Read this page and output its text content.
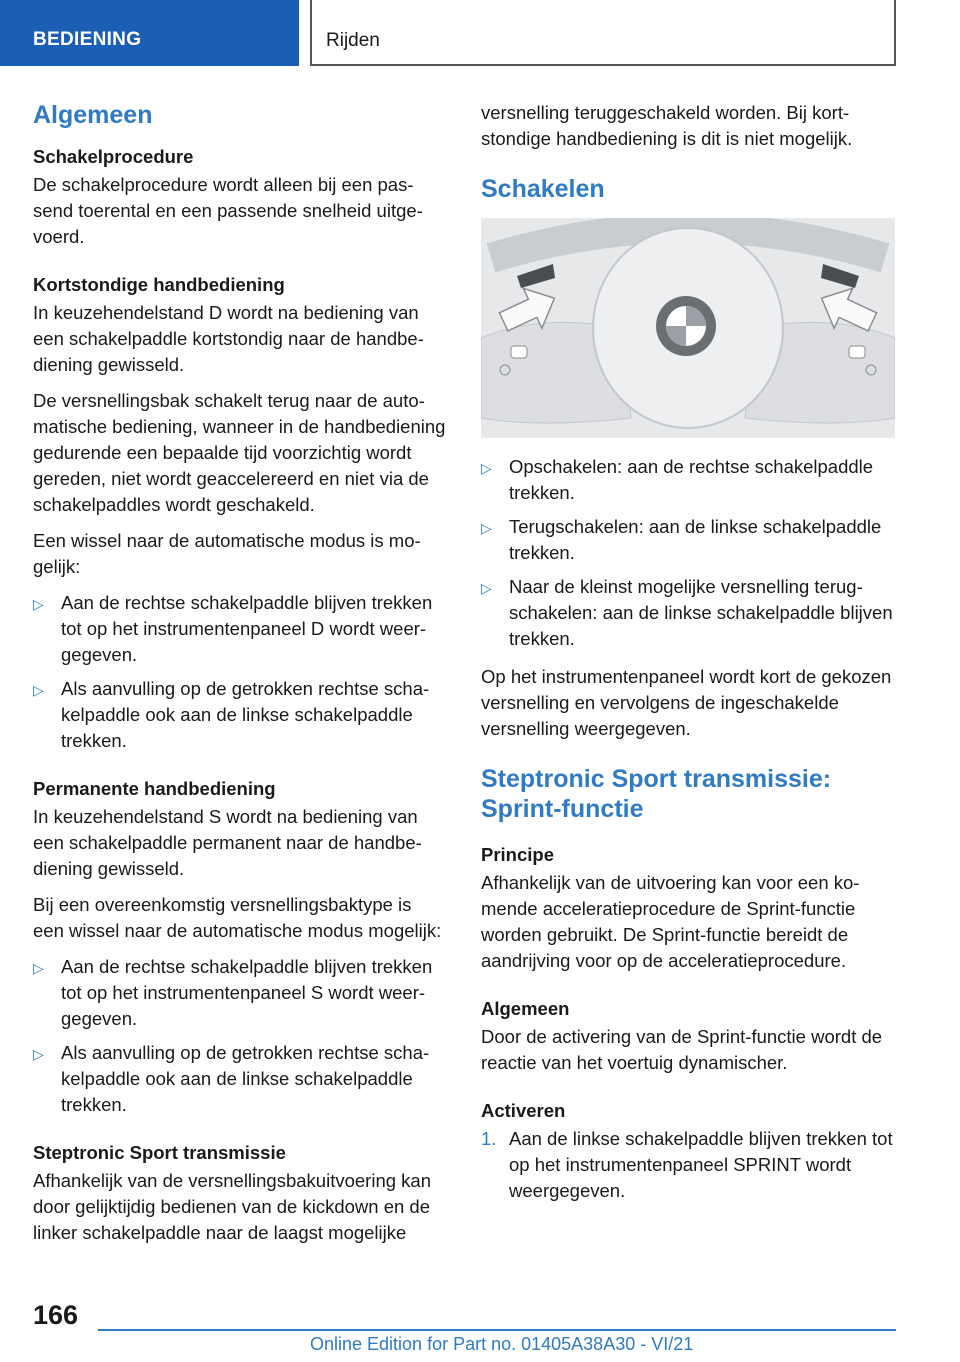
BEDIENING	Rijden
Algemeen
Schakelprocedure

De schakelprocedure wordt alleen bij een passend toerental en een passende snelheid uitgevoerd.

Kortstondige handbediening

In keuzehendelstand D wordt na bediening van een schakelpaddle kortstondig naar de handbediening gewisseld.

De versnellingsbak schakelt terug naar de automatische bediening, wanneer in de handbediening gedurende een bepaalde tijd voorzichtig wordt gereden, niet wordt geaccelereerd en niet via de schakelpaddles wordt geschakeld.

Een wissel naar de automatische modus is mogelijk:

▷ Aan de rechtse schakelpaddle blijven trekken tot op het instrumentenpaneel D wordt weergegeven.
▷ Als aanvulling op de getrokken rechtse schakelpaddle ook aan de linkse schakelpaddle trekken.
Permanente handbediening

In keuzehendelstand S wordt na bediening van een schakelpaddle permanent naar de handbediening gewisseld.

Bij een overeenkomstig versnellingsbaktype is een wissel naar de automatische modus mogelijk:

▷ Aan de rechtse schakelpaddle blijven trekken tot op het instrumentenpaneel S wordt weergegeven.
▷ Als aanvulling op de getrokken rechtse schakelpaddle ook aan de linkse schakelpaddle trekken.
Steptronic Sport transmissie

Afhankelijk van de versnellingsbakuitvoering kan door gelijktijdig bedienen van de kickdown en de linker schakelpaddle naar de laagst mogelijke

versnelling teruggeschakeld worden. Bij kortstondige handbediening is dit is niet mogelijk.

Schakelen
▷ Opschakelen: aan de rechtse schakelpaddle trekken.
▷ Terugschakelen: aan de linkse schakelpaddle trekken.
▷ Naar de kleinst mogelijke versnelling terugschakelen: aan de linkse schakelpaddle blijven trekken.

Op het instrumentenpaneel wordt kort de gekozen versnelling en vervolgens de ingeschakelde versnelling weergegeven.

Steptronic Sport transmissie: Sprint-functie
Principe

Afhankelijk van de uitvoering kan voor een komende acceleratieprocedure de Sprint-functie worden gebruikt. De Sprint-functie bereidt de aandrijving voor op de acceleratieprocedure.

Algemeen

Door de activering van de Sprint-functie wordt de reactie van het voertuig dynamischer.

Activeren
1. Aan de linkse schakelpaddle blijven trekken tot op het instrumentenpaneel SPRINT wordt weergegeven.
166
Online Edition for Part no. 01405A38A30 - VI/21
